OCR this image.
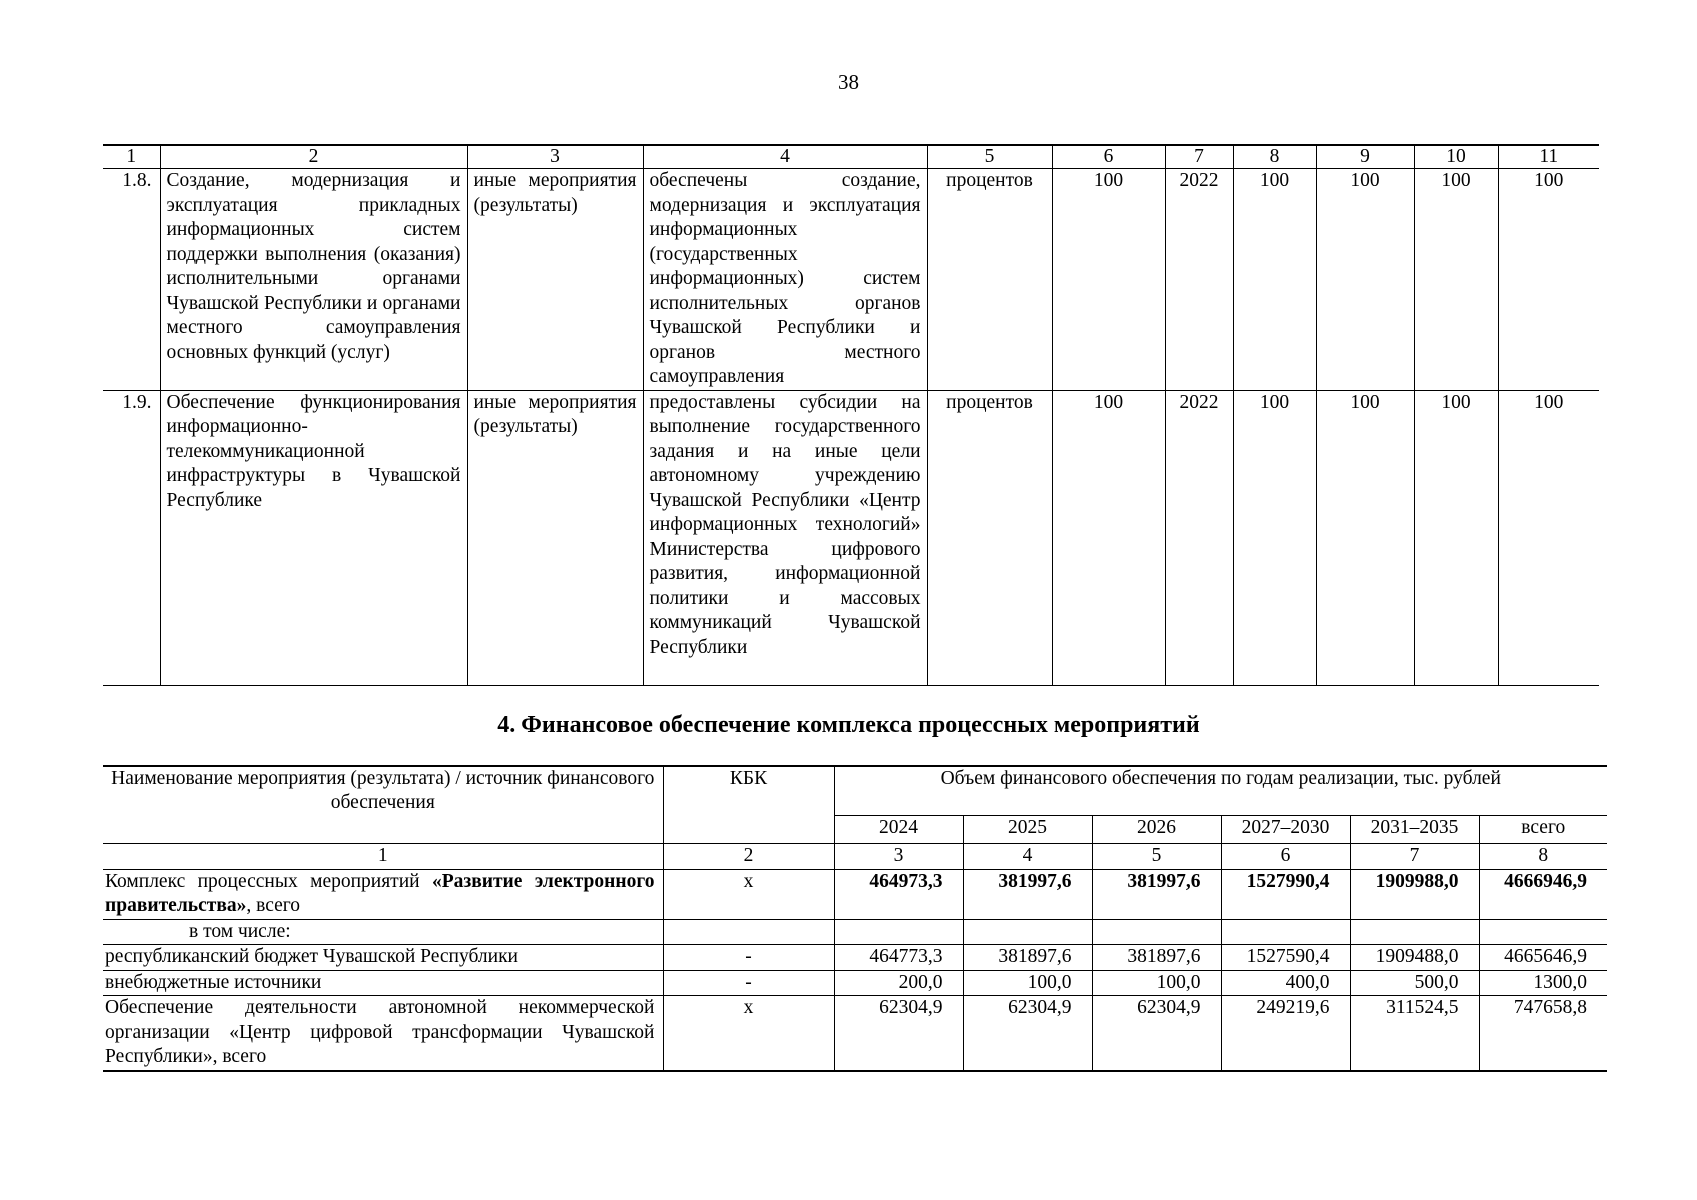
38
1	2	3	4	5	6	7	8	9	10	11
1.8.	Создание, модернизация и эксплуатация прикладных информационных систем поддержки выполнения (оказания) исполнительными органами Чувашской Республики и органами местного самоуправления основных функций (услуг)	иные мероприятия (результаты)	обеспечены создание, модернизация и эксплуатация информационных (государственных информационных) систем исполнительных органов Чувашской Республики и органов местного самоуправления	процентов	100	2022	100	100	100	100
1.9.	Обеспечение функционирования информационно-телекоммуникационной инфраструктуры в Чувашской Республике	иные мероприятия (результаты)	предоставлены субсидии на выполнение государственного задания и на иные цели автономному учреждению Чувашской Республики «Центр информационных технологий» Министерства цифрового развития, информационной политики и массовых коммуникаций Чувашской Республики	процентов	100	2022	100	100	100	100
4. Финансовое обеспечение комплекса процессных мероприятий
Наименование мероприятия (результата) / источник финансового обеспечения	КБК	Объем финансового обеспечения по годам реализации, тыс. рублей					
		2024	2025	2026	2027–2030	2031–2035	всего
1	2	3	4	5	6	7	8
Комплекс процессных мероприятий «Развитие электронного правительства», всего	x	464973,3	381997,6	381997,6	1527990,4	1909988,0	4666946,9
в том числе:							
республиканский бюджет Чувашской Республики	-	464773,3	381897,6	381897,6	1527590,4	1909488,0	4665646,9
внебюджетные источники	-	200,0	100,0	100,0	400,0	500,0	1300,0
Обеспечение деятельности автономной некоммерческой организации «Центр цифровой трансформации Чувашской Республики», всего	x	62304,9	62304,9	62304,9	249219,6	311524,5	747658,8
